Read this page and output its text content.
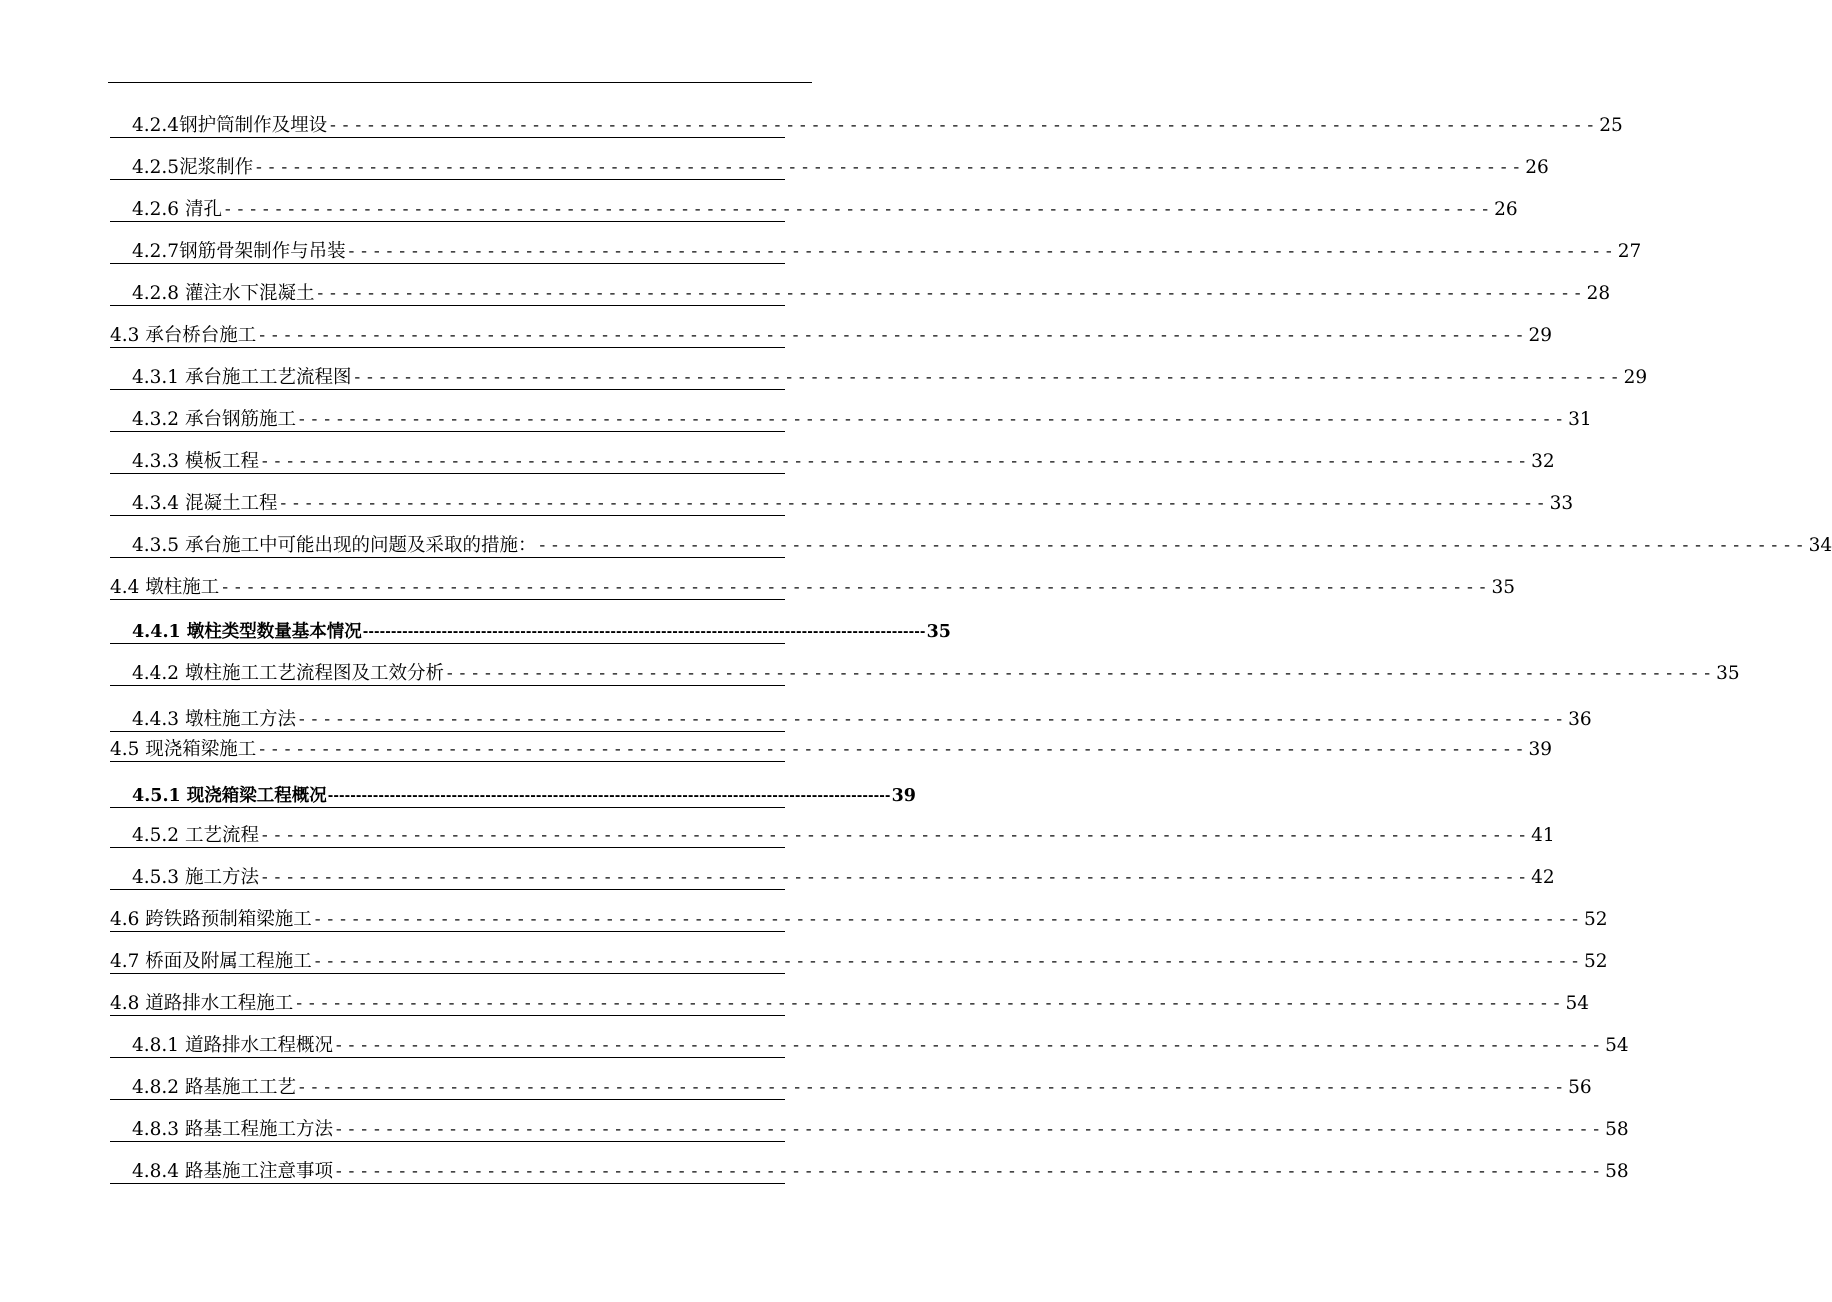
4.2.4钢护筒制作及埋设 ---------------------------------------------------------------------------------------------------- 25
4.2.5泥浆制作 ---------------------------------------------------------------------------------------------------- 26
4.2.6 清孔 ---------------------------------------------------------------------------------------------------- 26
4.2.7钢筋骨架制作与吊装 ---------------------------------------------------------------------------------------------------- 27
4.2.8 灌注水下混凝土 ---------------------------------------------------------------------------------------------------- 28
4.3 承台桥台施工 ---------------------------------------------------------------------------------------------------- 29
4.3.1 承台施工工艺流程图 ---------------------------------------------------------------------------------------------------- 29
4.3.2 承台钢筋施工 ---------------------------------------------------------------------------------------------------- 31
4.3.3 模板工程 ---------------------------------------------------------------------------------------------------- 32
4.3.4 混凝土工程 ---------------------------------------------------------------------------------------------------- 33
4.3.5 承台施工中可能出现的问题及采取的措施： ---------------------------------------------------------------------------------------------------- 34
4.4 墩柱施工 ---------------------------------------------------------------------------------------------------- 35
4.4.1 墩柱类型数量基本情况 ---------------------------------------------------------------------------------------------------- 35
4.4.2 墩柱施工工艺流程图及工效分析 ---------------------------------------------------------------------------------------------------- 35
4.4.3 墩柱施工方法 ---------------------------------------------------------------------------------------------------- 36
4.5 现浇箱梁施工 ---------------------------------------------------------------------------------------------------- 39
4.5.1 现浇箱梁工程概况 ---------------------------------------------------------------------------------------------------- 39
4.5.2 工艺流程 ---------------------------------------------------------------------------------------------------- 41
4.5.3 施工方法 ---------------------------------------------------------------------------------------------------- 42
4.6 跨铁路预制箱梁施工 ---------------------------------------------------------------------------------------------------- 52
4.7 桥面及附属工程施工 ---------------------------------------------------------------------------------------------------- 52
4.8 道路排水工程施工 ---------------------------------------------------------------------------------------------------- 54
4.8.1 道路排水工程概况 ---------------------------------------------------------------------------------------------------- 54
4.8.2 路基施工工艺 ---------------------------------------------------------------------------------------------------- 56
4.8.3 路基工程施工方法 ---------------------------------------------------------------------------------------------------- 58
4.8.4 路基施工注意事项 ---------------------------------------------------------------------------------------------------- 58
